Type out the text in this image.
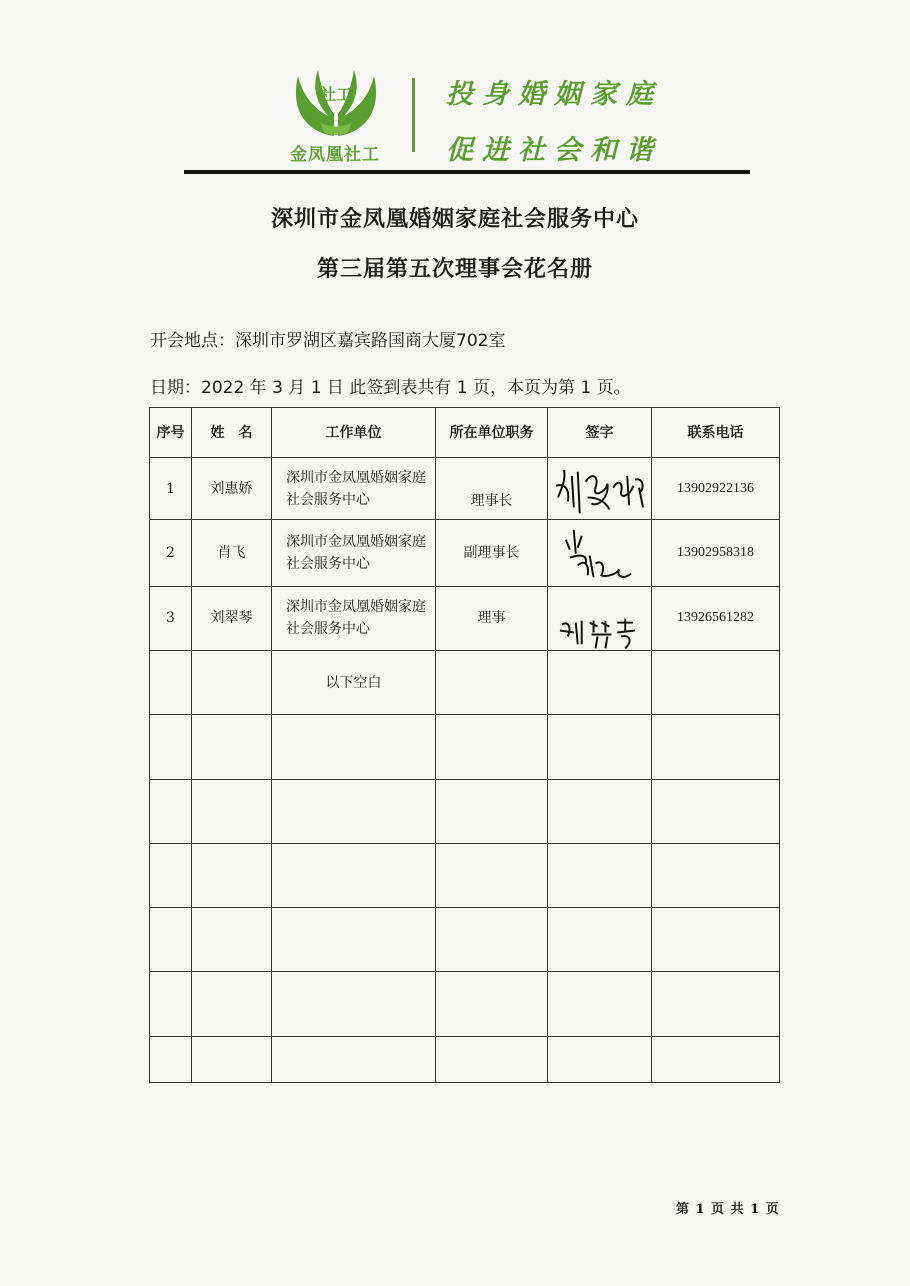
社工
金凤凰社工
投身婚姻家庭
促进社会和谐
深圳市金凤凰婚姻家庭社会服务中心
第三届第五次理事会花名册
开会地点：深圳市罗湖区嘉宾路国商大厦702室
日期：2022 年 3 月 1 日 此签到表共有 1 页，本页为第 1 页。
序号	姓　名	工作单位	所在单位职务	签字	联系电话
1	刘惠娇	深圳市金凤凰婚姻家庭社会服务中心	理事长		13902922136
2	肖飞	深圳市金凤凰婚姻家庭社会服务中心	副理事长		13902958318
3	刘翠琴	深圳市金凤凰婚姻家庭社会服务中心	理事		13926561282
		以下空白			

第 1 页 共 1 页
